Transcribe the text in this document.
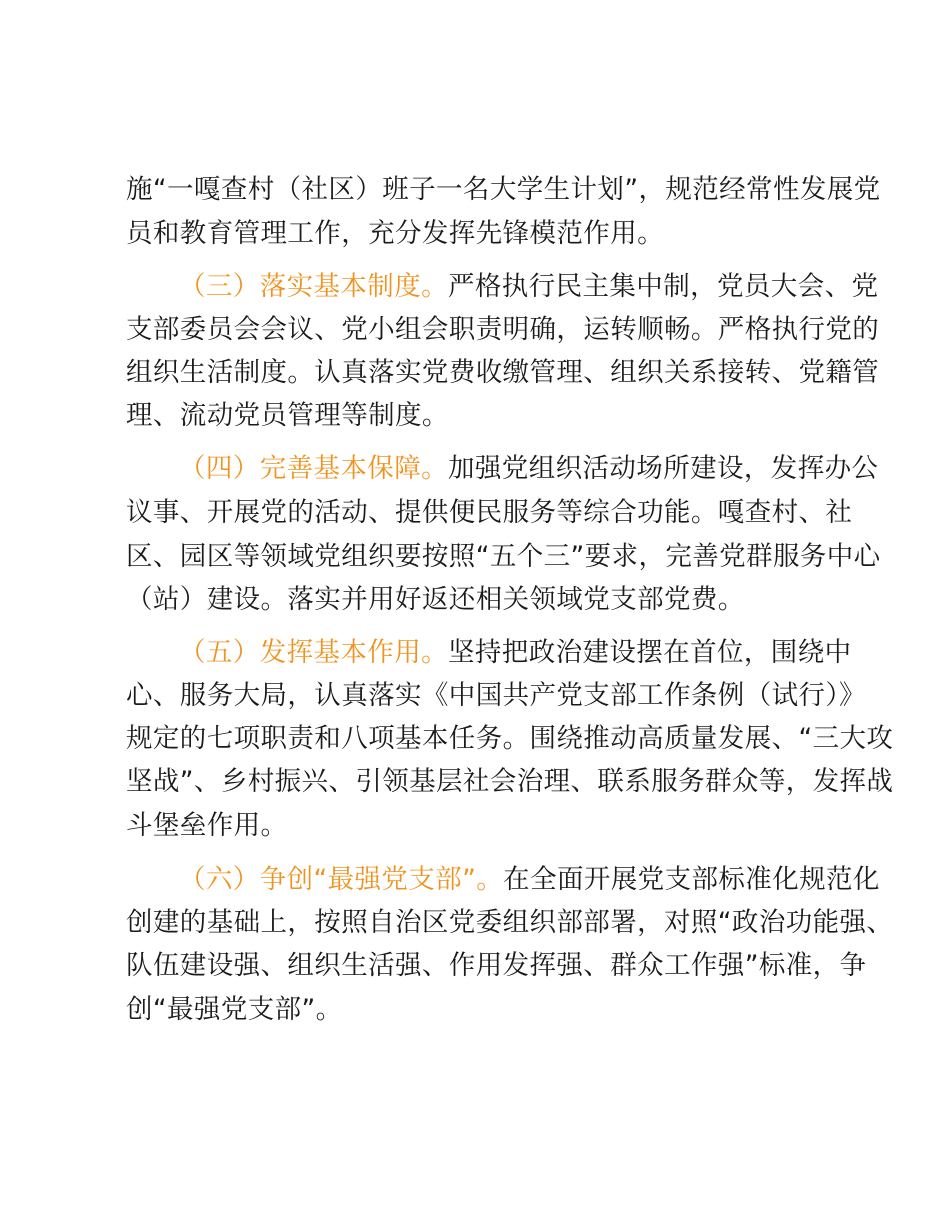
施“一嘎查村（社区）班子一名大学生计划”，规范经常性发展党
员和教育管理工作，充分发挥先锋模范作用。
（三）落实基本制度。严格执行民主集中制，党员大会、党
支部委员会会议、党小组会职责明确，运转顺畅。严格执行党的
组织生活制度。认真落实党费收缴管理、组织关系接转、党籍管
理、流动党员管理等制度。
（四）完善基本保障。加强党组织活动场所建设，发挥办公
议事、开展党的活动、提供便民服务等综合功能。嘎查村、社
区、园区等领域党组织要按照“五个三”要求，完善党群服务中心
（站）建设。落实并用好返还相关领域党支部党费。
（五）发挥基本作用。坚持把政治建设摆在首位，围绕中
心、服务大局，认真落实《中国共产党支部工作条例（试行）》
规定的七项职责和八项基本任务。围绕推动高质量发展、“三大攻
坚战”、乡村振兴、引领基层社会治理、联系服务群众等，发挥战
斗堡垒作用。
（六）争创“最强党支部”。在全面开展党支部标准化规范化
创建的基础上，按照自治区党委组织部部署，对照“政治功能强、
队伍建设强、组织生活强、作用发挥强、群众工作强”标准，争
创“最强党支部”。
